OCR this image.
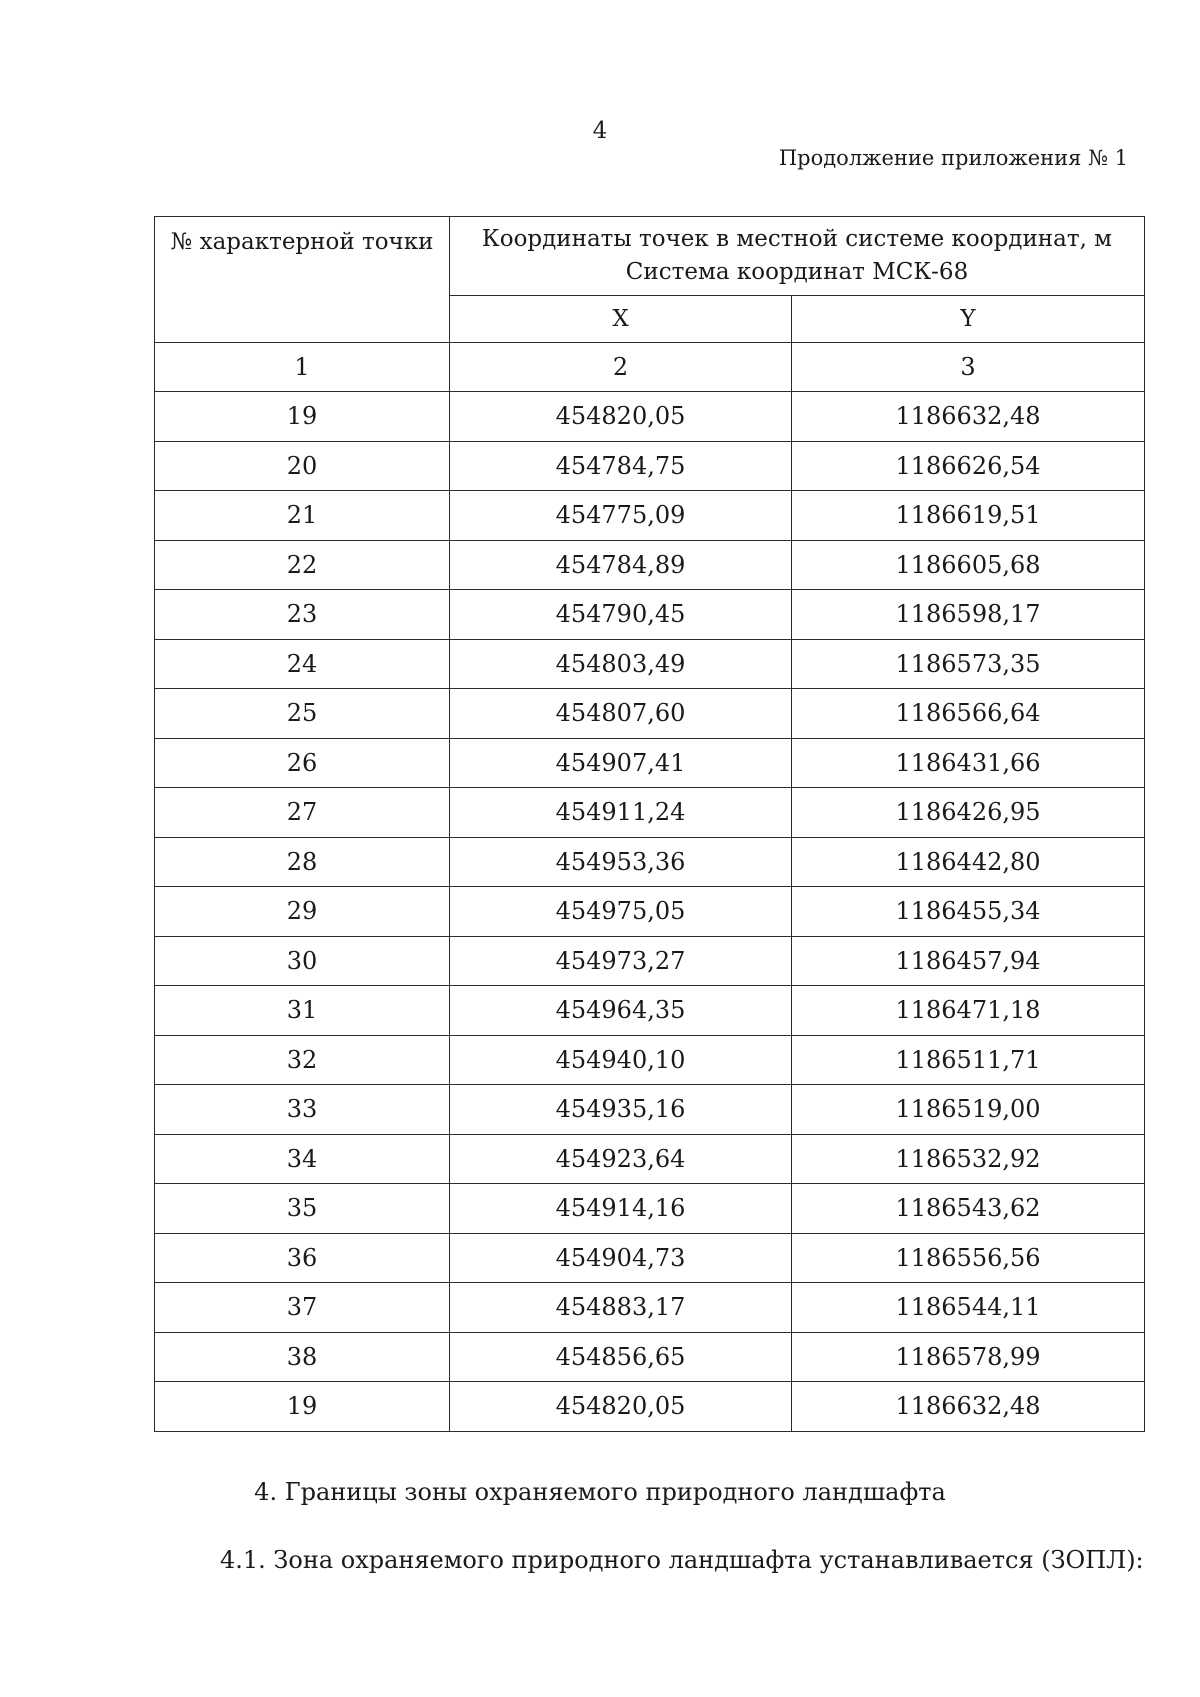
4
Продолжение приложения № 1
№ характерной точки	Координаты точек в местной системе координат, м
Система координат МСК-68	

	X	Y
1	2	3
19	454820,05	1186632,48
20	454784,75	1186626,54
21	454775,09	1186619,51
22	454784,89	1186605,68
23	454790,45	1186598,17
24	454803,49	1186573,35
25	454807,60	1186566,64
26	454907,41	1186431,66
27	454911,24	1186426,95
28	454953,36	1186442,80
29	454975,05	1186455,34
30	454973,27	1186457,94
31	454964,35	1186471,18
32	454940,10	1186511,71
33	454935,16	1186519,00
34	454923,64	1186532,92
35	454914,16	1186543,62
36	454904,73	1186556,56
37	454883,17	1186544,11
38	454856,65	1186578,99
19	454820,05	1186632,48
4. Границы зоны охраняемого природного ландшафта
4.1. Зона охраняемого природного ландшафта устанавливается (ЗОПЛ):
